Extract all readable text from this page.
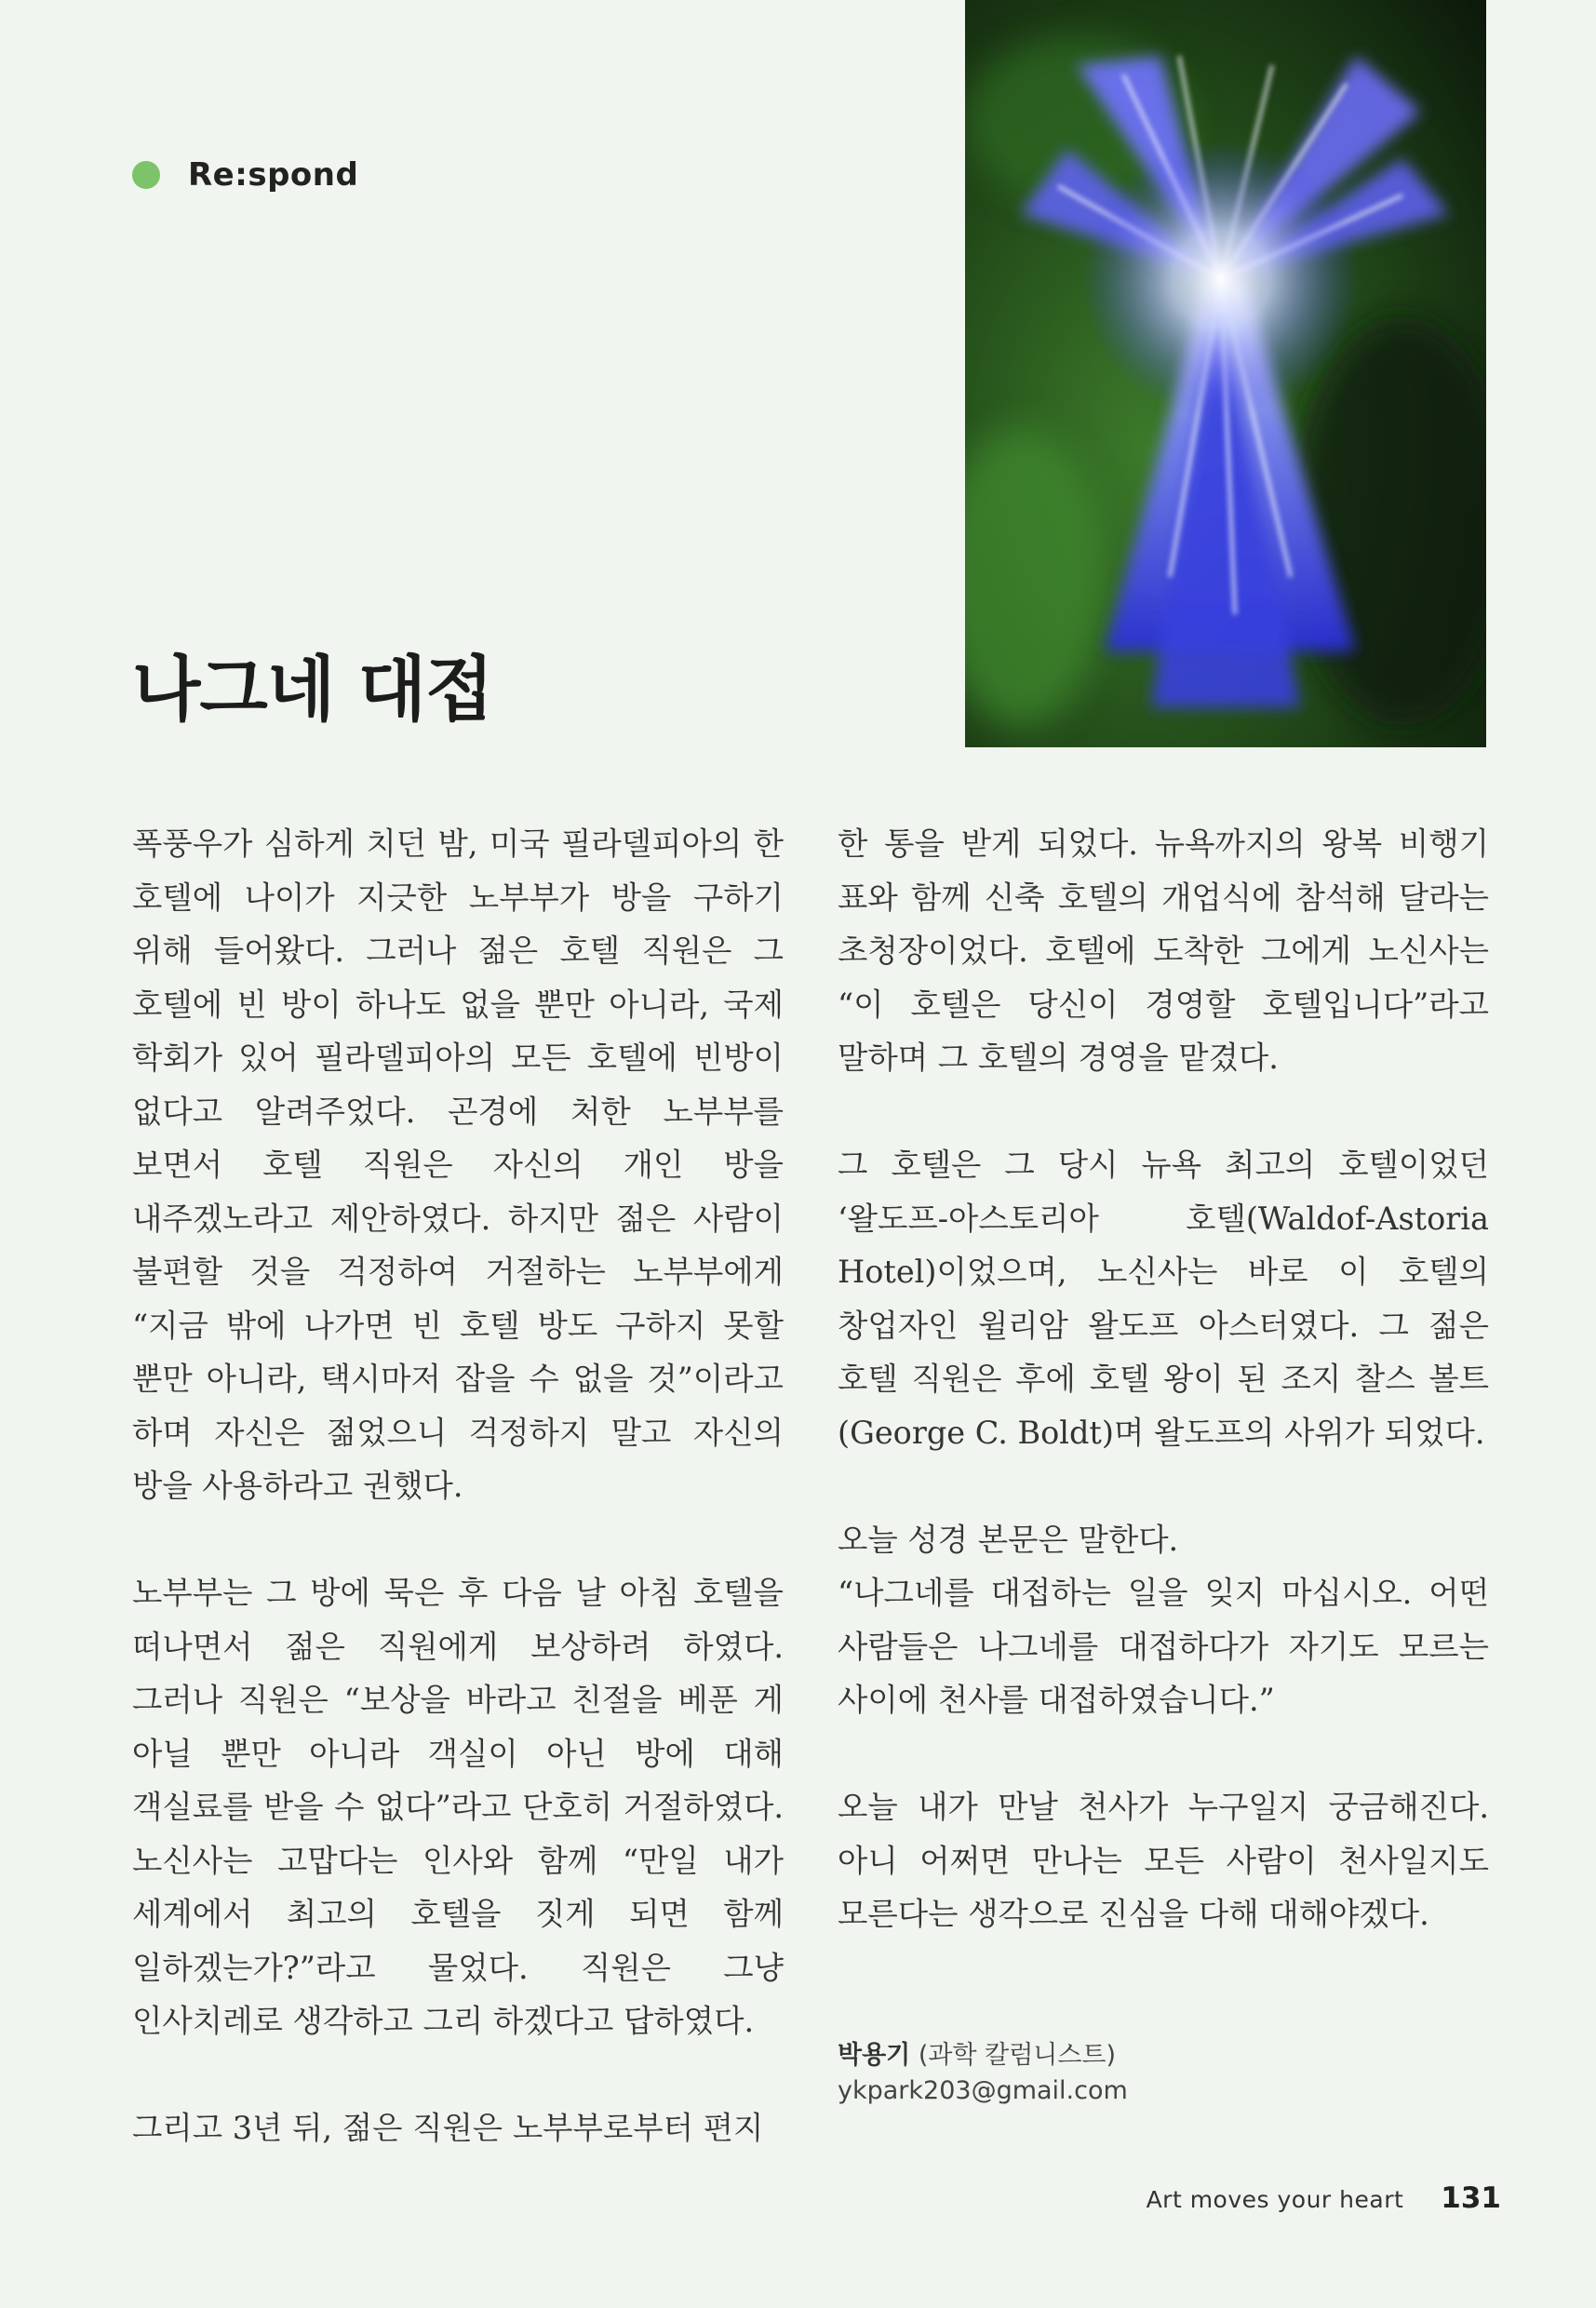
Re:spond
나그네 대접

폭풍우가 심하게 치던 밤, 미국 필라델피아의 한 호텔에 나이가 지긋한 노부부가 방을 구하기 위해 들어왔다. 그러나 젊은 호텔 직원은 그 호텔에 빈 방이 하나도 없을 뿐만 아니라, 국제 학회가 있어 필라델피아의 모든 호텔에 빈방이 없다고 알려주었다. 곤경에 처한 노부부를 보면서 호텔 직원은 자신의 개인 방을 내주겠노라고 제안하였다. 하지만 젊은 사람이 불편할 것을 걱정하여 거절하는 노부부에게 “지금 밖에 나가면 빈 호텔 방도 구하지 못할 뿐만 아니라, 택시마저 잡을 수 없을 것”이라고 하며 자신은 젊었으니 걱정하지 말고 자신의 방을 사용하라고 권했다.

노부부는 그 방에 묵은 후 다음 날 아침 호텔을 떠나면서 젊은 직원에게 보상하려 하였다. 그러나 직원은 “보상을 바라고 친절을 베푼 게 아닐 뿐만 아니라 객실이 아닌 방에 대해 객실료를 받을 수 없다”라고 단호히 거절하였다. 노신사는 고맙다는 인사와 함께 “만일 내가 세계에서 최고의 호텔을 짓게 되면 함께 일하겠는가?”라고 물었다. 직원은 그냥 인사치레로 생각하고 그리 하겠다고 답하였다.

그리고 3년 뒤, 젊은 직원은 노부부로부터 편지

한 통을 받게 되었다. 뉴욕까지의 왕복 비행기 표와 함께 신축 호텔의 개업식에 참석해 달라는 초청장이었다. 호텔에 도착한 그에게 노신사는 “이 호텔은 당신이 경영할 호텔입니다”라고 말하며 그 호텔의 경영을 맡겼다.

그 호텔은 그 당시 뉴욕 최고의 호텔이었던 ‘왈도프-아스토리아 호텔(Waldof-Astoria Hotel)이었으며, 노신사는 바로 이 호텔의 창업자인 윌리암 왈도프 아스터였다. 그 젊은 호텔 직원은 후에 호텔 왕이 된 조지 찰스 볼트(George C. Boldt)며 왈도프의 사위가 되었다.

오늘 성경 본문은 말한다.
“나그네를 대접하는 일을 잊지 마십시오. 어떤 사람들은 나그네를 대접하다가 자기도 모르는 사이에 천사를 대접하였습니다.”

오늘 내가 만날 천사가 누구일지 궁금해진다. 아니 어쩌면 만나는 모든 사람이 천사일지도 모른다는 생각으로 진심을 다해 대해야겠다.

박용기 (과학 칼럼니스트)
ykpark203@gmail.com
Art moves your heart 131
